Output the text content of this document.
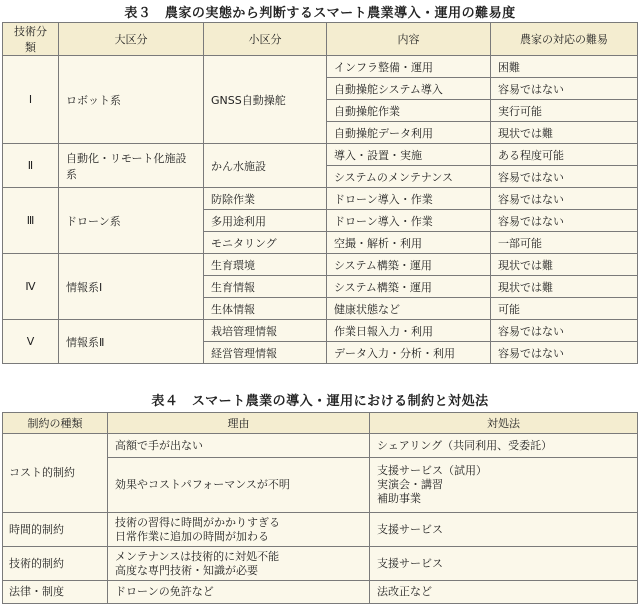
表３　農家の実態から判断するスマート農業導入・運用の難易度
技術分類	大区分	小区分	内容	農家の対応の難易
Ⅰ	ロボット系	GNSS自動操舵	インフラ整備・運用	困難
			自動操舵システム導入	容易ではない
			自動操舵作業	実行可能
			自動操舵データ利用	現状では難
Ⅱ	自動化・リモート化施設系	かん水施設	導入・設置・実施	ある程度可能
			システムのメンテナンス	容易ではない
Ⅲ	ドローン系	防除作業	ドローン導入・作業	容易ではない
		多用途利用	ドローン導入・作業	容易ではない
		モニタリング	空撮・解析・利用	一部可能
Ⅳ	情報系Ⅰ	生育環境	システム構築・運用	現状では難
		生育情報	システム構築・運用	現状では難
		生体情報	健康状態など	可能
Ⅴ	情報系Ⅱ	栽培管理情報	作業日報入力・利用	容易ではない
		経営管理情報	データ入力・分析・利用	容易ではない
表４　スマート農業の導入・運用における制約と対処法
制約の種類	理由	対処法
コスト的制約	高額で手が出ない	シェアリング（共同利用、受委託）

	効果やコストパフォーマンスが不明	支援サービス（試用）
実演会・講習
補助事業

時間的制約	技術の習得に時間がかかりすぎる
日常作業に追加の時間が加わる	支援サービス

技術的制約	メンテナンスは技術的に対処不能
高度な専門技術・知識が必要	支援サービス

法律・制度	ドローンの免許など	法改正など
